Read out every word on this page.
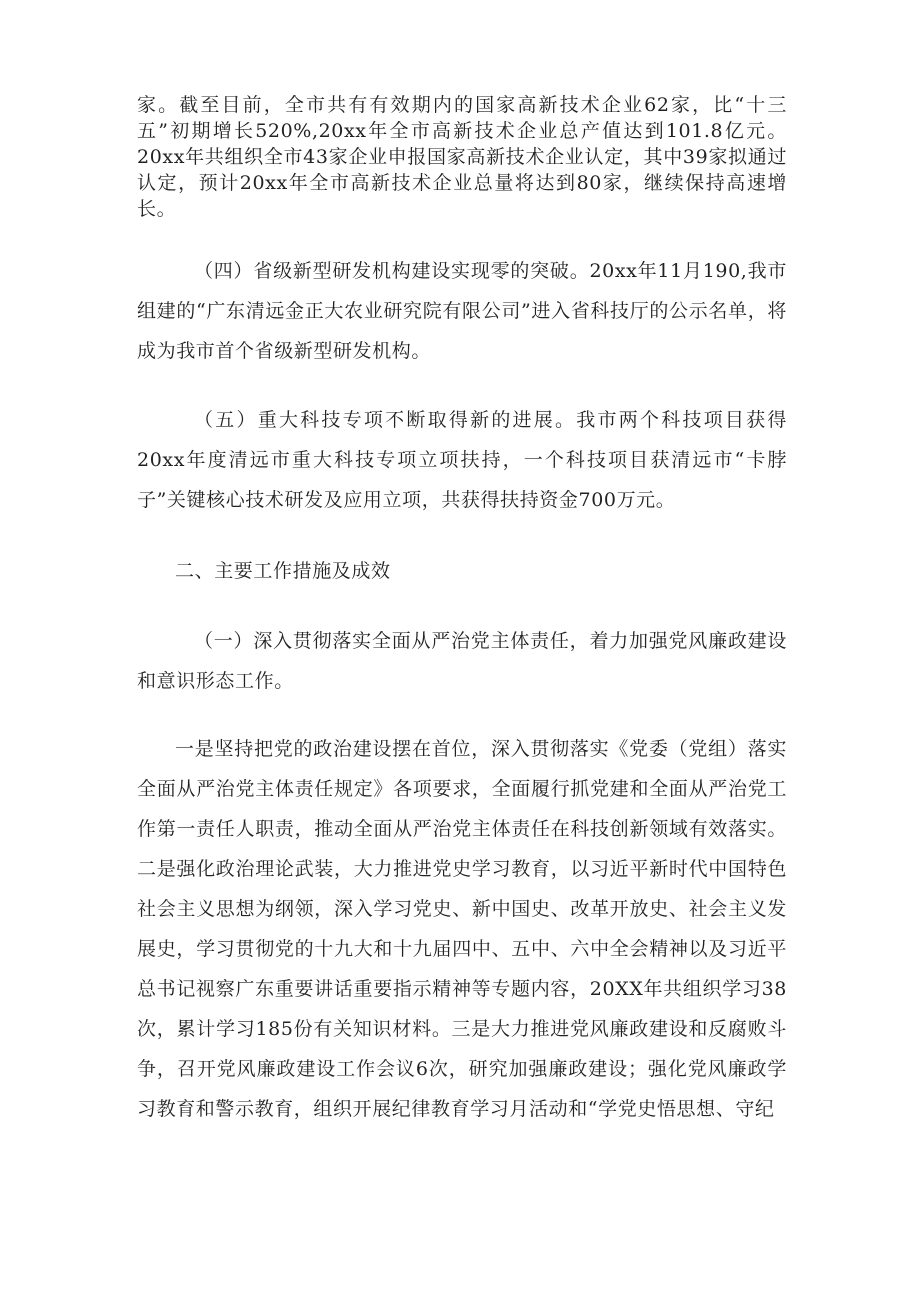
家。截至目前，全市共有有效期内的国家高新技术企业62家，比“十三五”初期增长520%,20xx年全市高新技术企业总产值达到101.8亿元。20xx年共组织全市43家企业申报国家高新技术企业认定，其中39家拟通过认定，预计20xx年全市高新技术企业总量将达到80家，继续保持高速增长。

（四）省级新型研发机构建设实现零的突破。20xx年11月190,我市组建的“广东清远金正大农业研究院有限公司”进入省科技厅的公示名单，将成为我市首个省级新型研发机构。

（五）重大科技专项不断取得新的进展。我市两个科技项目获得20xx年度清远市重大科技专项立项扶持，一个科技项目获清远市“卡脖子”关键核心技术研发及应用立项，共获得扶持资金700万元。

二、主要工作措施及成效

（一）深入贯彻落实全面从严治党主体责任，着力加强党风廉政建设和意识形态工作。

一是坚持把党的政治建设摆在首位，深入贯彻落实《党委（党组）落实全面从严治党主体责任规定》各项要求，全面履行抓党建和全面从严治党工作第一责任人职责，推动全面从严治党主体责任在科技创新领域有效落实。二是强化政治理论武装，大力推进党史学习教育，以习近平新时代中国特色社会主义思想为纲领，深入学习党史、新中国史、改革开放史、社会主义发展史，学习贯彻党的十九大和十九届四中、五中、六中全会精神以及习近平总书记视察广东重要讲话重要指示精神等专题内容，20XX年共组织学习38次，累计学习185份有关知识材料。三是大力推进党风廉政建设和反腐败斗争，召开党风廉政建设工作会议6次，研究加强廉政建设；强化党风廉政学习教育和警示教育，组织开展纪律教育学习月活动和“学党史悟思想、守纪
